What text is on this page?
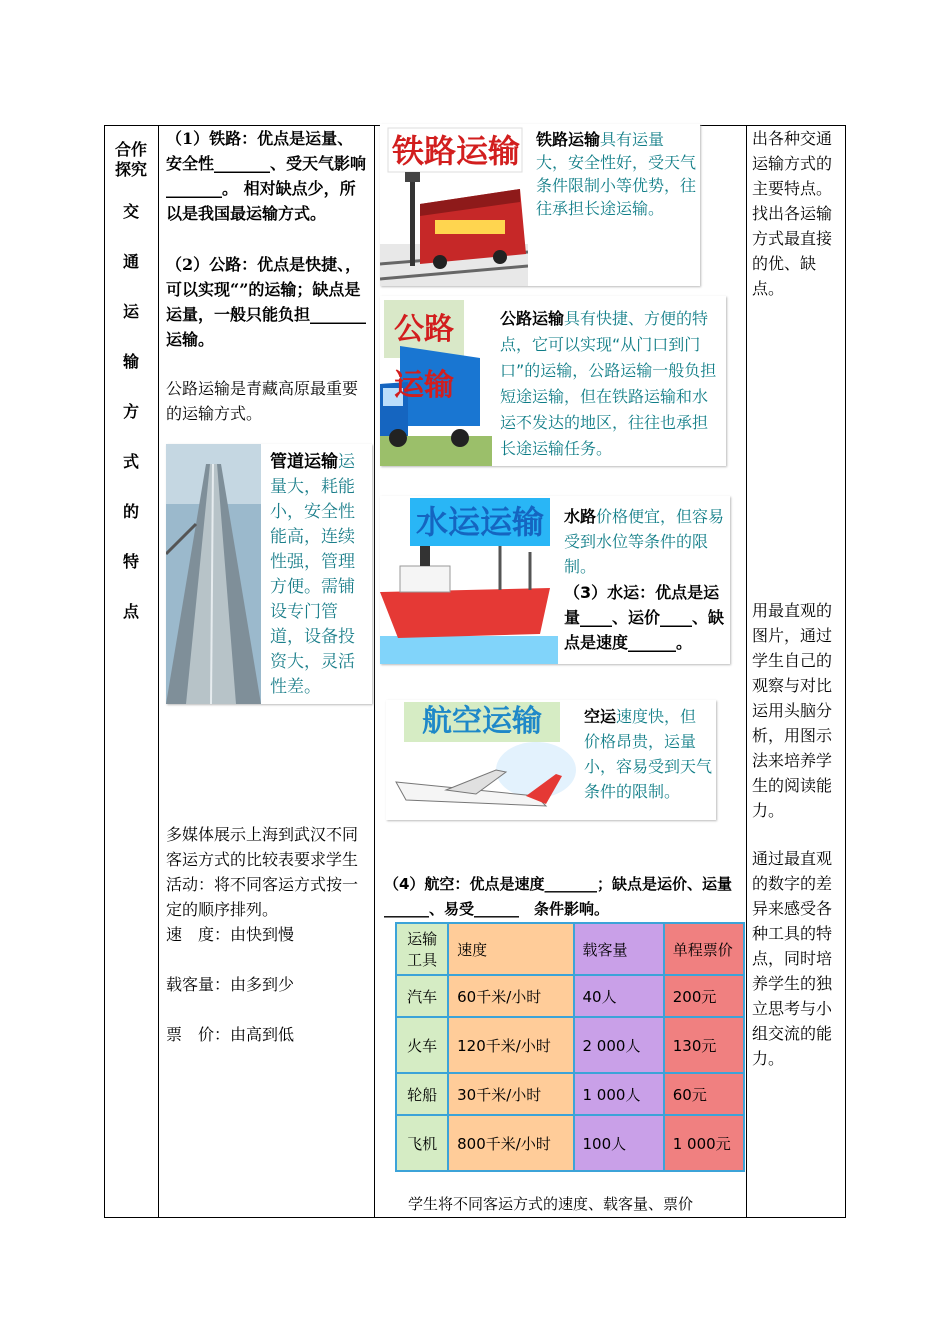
合作
探究
交
通
运
输
方
式
的
特
点
（1）铁路：优点是运量、安全性_______、受天气影响_______。 相对缺点少，所以是我国最运输方式。
（2）公路：优点是快捷、，可以实现“”的运输；缺点是运量，一般只能负担_______运输。
公路运输是青藏高原最重要的运输方式。
管道运输运量大，耗能小，安全性能高，连续性强，管理方便。需铺设专门管道，设备投资大，灵活性差。
多媒体展示上海到武汉不同客运方式的比较表要求学生活动：将不同客运方式按一定的顺序排列。
速　度：由快到慢
载客量：由多到少
票　价：由高到低
铁路运输 铁路运输具有运量大，安全性好，受天气条件限制小等优势，往往承担长途运输。
公路运输
公路运输具有快捷、方便的特点，它可以实现“从门口到门口”的运输，公路运输一般负担短途运输，但在铁路运输和水运不发达的地区，往往也承担长途运输任务。
水运运输	水路价格便宜，但容易受到水位等条件的限制。
（3）水运：优点是运量____、运价____、缺点是速度______。
航空运输	空运速度快，但价格昂贵，运量小，容易受到天气条件的限制。
（4）航空：优点是速度_______；缺点是运价、运量______、易受______　条件影响。
运输工具	速度	载客量	单程票价
汽车	60千米/小时	40人	200元
火车	120千米/小时	2 000人	130元
轮船	30千米/小时	1 000人	60元
飞机	800千米/小时	100人	1 000元
学生将不同客运方式的速度、载客量、票价
出各种交通运输方式的主要特点。找出各运输方式最直接的优、缺点。
用最直观的图片，通过学生自己的观察与对比运用头脑分析，用图示法来培养学生的阅读能力。
通过最直观的数字的差异来感受各种工具的特点，同时培养学生的独立思考与小组交流的能力。
